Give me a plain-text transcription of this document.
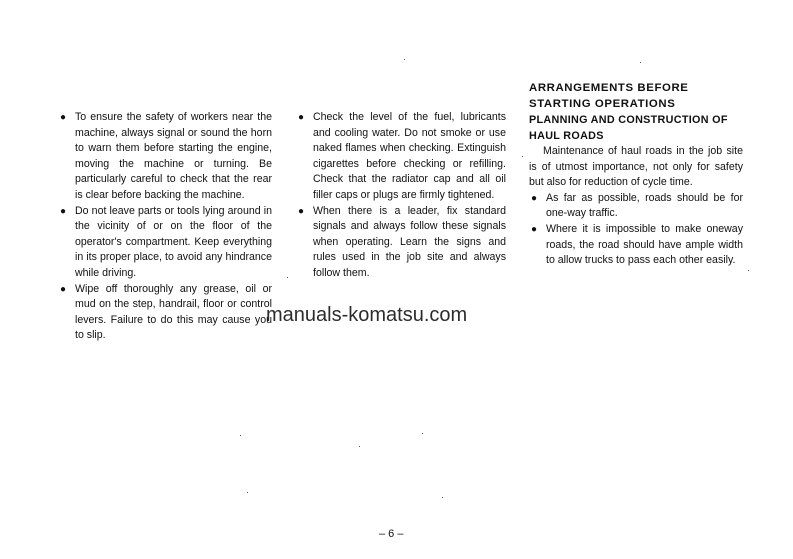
● To ensure the safety of workers near the machine, always signal or sound the horn to warn them before starting the engine, moving the machine or turning. Be particularly careful to check that the rear is clear before backing the machine.
● Do not leave parts or tools lying around in the vicinity of or on the floor of the operator's compartment. Keep everything in its proper place, to avoid any hindrance while driving.
● Wipe off thoroughly any grease, oil or mud on the step, handrail, floor or control levers. Failure to do this may cause you to slip.
● Check the level of the fuel, lubricants and cooling water. Do not smoke or use naked flames when checking. Extinguish cigarettes before checking or refilling. Check that the radiator cap and all oil filler caps or plugs are firmly tightened.
● When there is a leader, fix standard signals and always follow these signals when operating. Learn the signs and rules used in the job site and always follow them.
ARRANGEMENTS BEFORE STARTING OPERATIONS
PLANNING AND CONSTRUCTION OF HAUL ROADS
Maintenance of haul roads in the job site is of utmost importance, not only for safety but also for reduction of cycle time.
● As far as possible, roads should be for one-way traffic.
● Where it is impossible to make oneway roads, the road should have ample width to allow trucks to pass each other easily.
manuals-komatsu.com
– 6 –
